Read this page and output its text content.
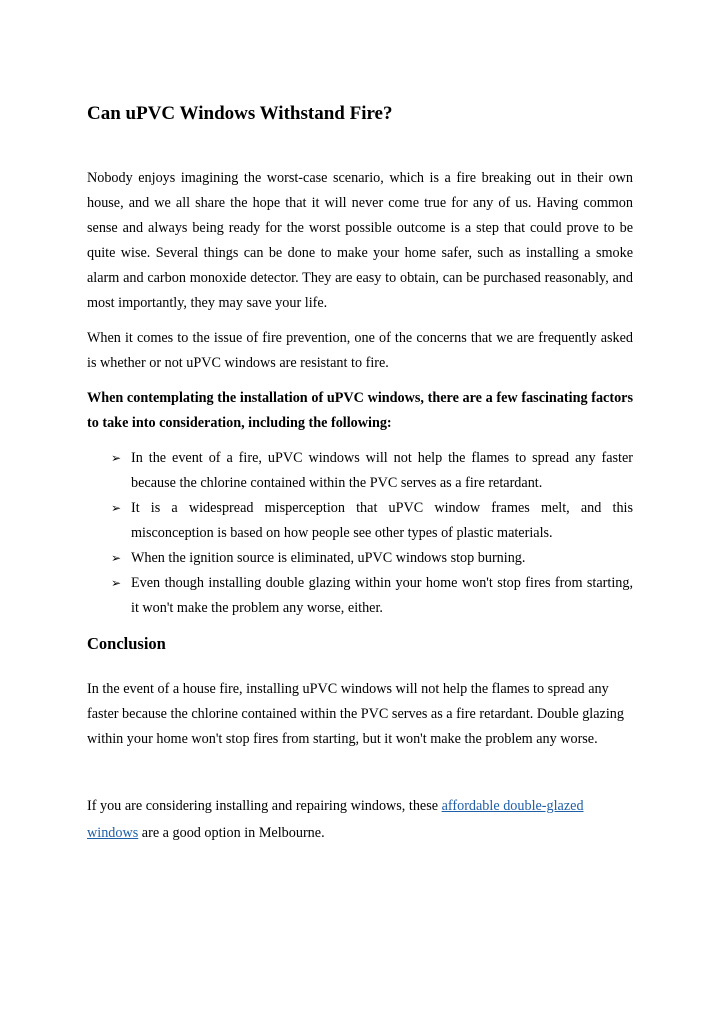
Can uPVC Windows Withstand Fire?

Nobody enjoys imagining the worst-case scenario, which is a fire breaking out in their own house, and we all share the hope that it will never come true for any of us. Having common sense and always being ready for the worst possible outcome is a step that could prove to be quite wise. Several things can be done to make your home safer, such as installing a smoke alarm and carbon monoxide detector. They are easy to obtain, can be purchased reasonably, and most importantly, they may save your life.

When it comes to the issue of fire prevention, one of the concerns that we are frequently asked is whether or not uPVC windows are resistant to fire.

When contemplating the installation of uPVC windows, there are a few fascinating factors to take into consideration, including the following:

➢ In the event of a fire, uPVC windows will not help the flames to spread any faster because the chlorine contained within the PVC serves as a fire retardant.
➢ It is a widespread misperception that uPVC window frames melt, and this misconception is based on how people see other types of plastic materials.
➢ When the ignition source is eliminated, uPVC windows stop burning.
➢ Even though installing double glazing within your home won't stop fires from starting, it won't make the problem any worse, either.
Conclusion

In the event of a house fire, installing uPVC windows will not help the flames to spread any faster because the chlorine contained within the PVC serves as a fire retardant. Double glazing within your home won't stop fires from starting, but it won't make the problem any worse.

If you are considering installing and repairing windows, these affordable double-glazed windows are a good option in Melbourne.
